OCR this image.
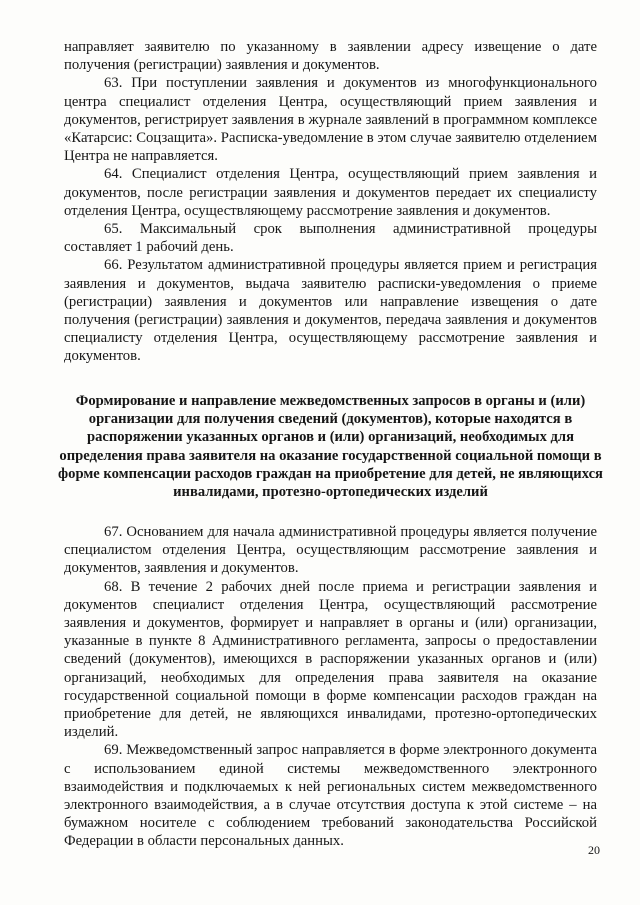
направляет заявителю по указанному в заявлении адресу извещение о дате получения (регистрации) заявления и документов.

63. При поступлении заявления и документов из многофункционального центра специалист отделения Центра, осуществляющий прием заявления и документов, регистрирует заявления в журнале заявлений в программном комплексе «Катарсис: Соцзащита». Расписка-уведомление в этом случае заявителю отделением Центра не направляется.

64. Специалист отделения Центра, осуществляющий прием заявления и документов, после регистрации заявления и документов передает их специалисту отделения Центра, осуществляющему рассмотрение заявления и документов.

65. Максимальный срок выполнения административной процедуры составляет 1 рабочий день.

66. Результатом административной процедуры является прием и регистрация заявления и документов, выдача заявителю расписки-уведомления о приеме (регистрации) заявления и документов или направление извещения о дате получения (регистрации) заявления и документов, передача заявления и документов специалисту отделения Центра, осуществляющему рассмотрение заявления и документов.

Формирование и направление межведомственных запросов в органы и (или) организации для получения сведений (документов), которые находятся в распоряжении указанных органов и (или) организаций, необходимых для определения права заявителя на оказание государственной социальной помощи в форме компенсации расходов граждан на приобретение для детей, не являющихся инвалидами, протезно-ортопедических изделий

67. Основанием для начала административной процедуры является получение специалистом отделения Центра, осуществляющим рассмотрение заявления и документов, заявления и документов.

68. В течение 2 рабочих дней после приема и регистрации заявления и документов специалист отделения Центра, осуществляющий рассмотрение заявления и документов, формирует и направляет в органы и (или) организации, указанные в пункте 8 Административного регламента, запросы о предоставлении сведений (документов), имеющихся в распоряжении указанных органов и (или) организаций, необходимых для определения права заявителя на оказание государственной социальной помощи в форме компенсации расходов граждан на приобретение для детей, не являющихся инвалидами, протезно-ортопедических изделий.

69. Межведомственный запрос направляется в форме электронного документа с использованием единой системы межведомственного электронного взаимодействия и подключаемых к ней региональных систем межведомственного электронного взаимодействия, а в случае отсутствия доступа к этой системе – на бумажном носителе с соблюдением требований законодательства Российской Федерации в области персональных данных.

20
